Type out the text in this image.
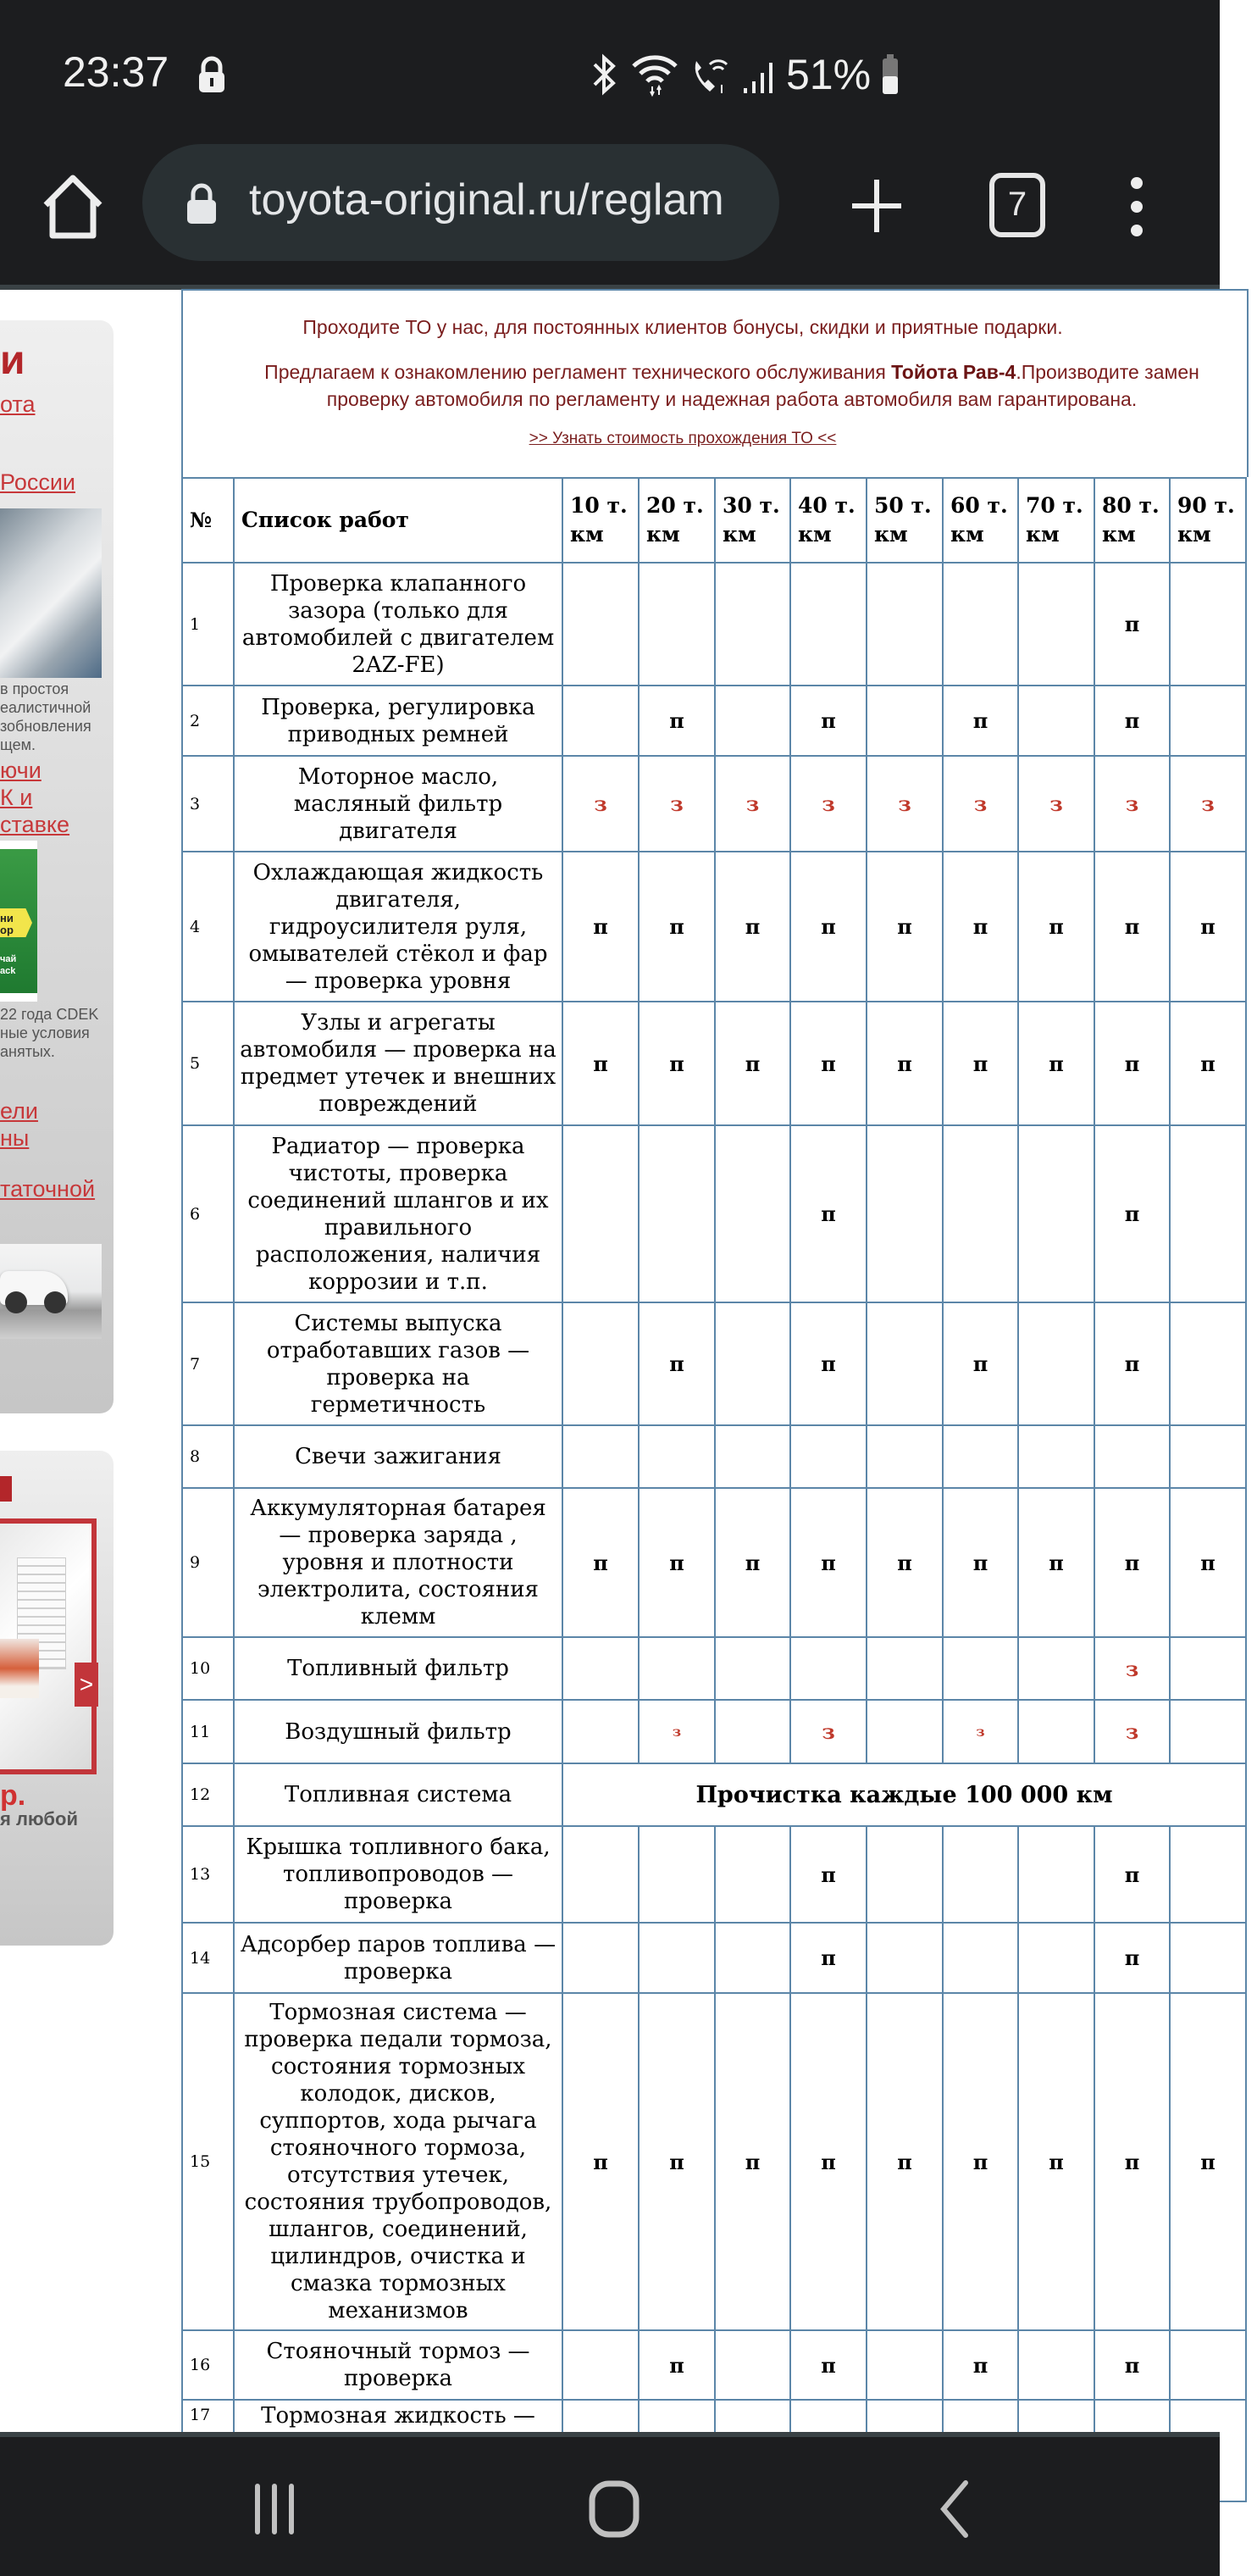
23:37	51%
toyota-original.ru/reglam	7
и
ота
России
в простоя
еалистичной
зобновления
щем.
ючи
К и
ставке
ни
ор
чай
ack
22 года CDEK
ные условия
анятых.
ели
ны
таточной
>
р.
я любой
Проходите ТО у нас, для постоянных клиентов бонусы, скидки и приятные подарки.
Предлагаем к ознакомлению регламент технического обслуживания Тойота Рав-4.Производите замен
проверку автомобиля по регламенту и надежная работа автомобиля вам гарантирована.
>> Узнать стоимость прохождения ТО <<
№	Список работ	10 т. км	20 т. км	30 т. км	40 т. км	50 т. км	60 т. км	70 т. км	80 т. км	90 т. км
1	Проверка клапанного зазора (только для автомобилей с двигателем 2AZ-FE)								п	
2	Проверка, регулировка приводных ремней		п		п		п		п	
3	Моторное масло, масляный фильтр двигателя	з	з	з	з	з	з	з	з	з
4	Охлаждающая жидкость двигателя, гидроусилителя руля, омывателей стёкол и фар — проверка уровня	п	п	п	п	п	п	п	п	п
5	Узлы и агрегаты автомобиля — проверка на предмет утечек и внешних повреждений	п	п	п	п	п	п	п	п	п
6	Радиатор — проверка чистоты, проверка соединений шлангов и их правильного расположения, наличия коррозии и т.п.				п				п	
7	Системы выпуска отработавших газов — проверка на герметичность		п		п		п		п	
8	Свечи зажигания									
9	Аккумуляторная батарея — проверка заряда , уровня и плотности электролита, состояния клемм	п	п	п	п	п	п	п	п	п
10	Топливный фильтр								з	
11	Воздушный фильтр		з		з		з		з	
12	Топливная система	Прочистка каждые 100 000 км								
13	Крышка топливного бака, топливопроводов — проверка				п				п	
14	Адсорбер паров топлива — проверка				п				п	
15	Тормозная система — проверка педали тормоза, состояния тормозных колодок, дисков, суппортов, хода рычага стояночного тормоза, отсутствия утечек, состояния трубопроводов, шлангов, соединений, цилиндров, очистка и смазка тормозных механизмов	п	п	п	п	п	п	п	п	п
16	Стояночный тормоз — проверка		п		п		п		п	
17	Тормозная жидкость —									
